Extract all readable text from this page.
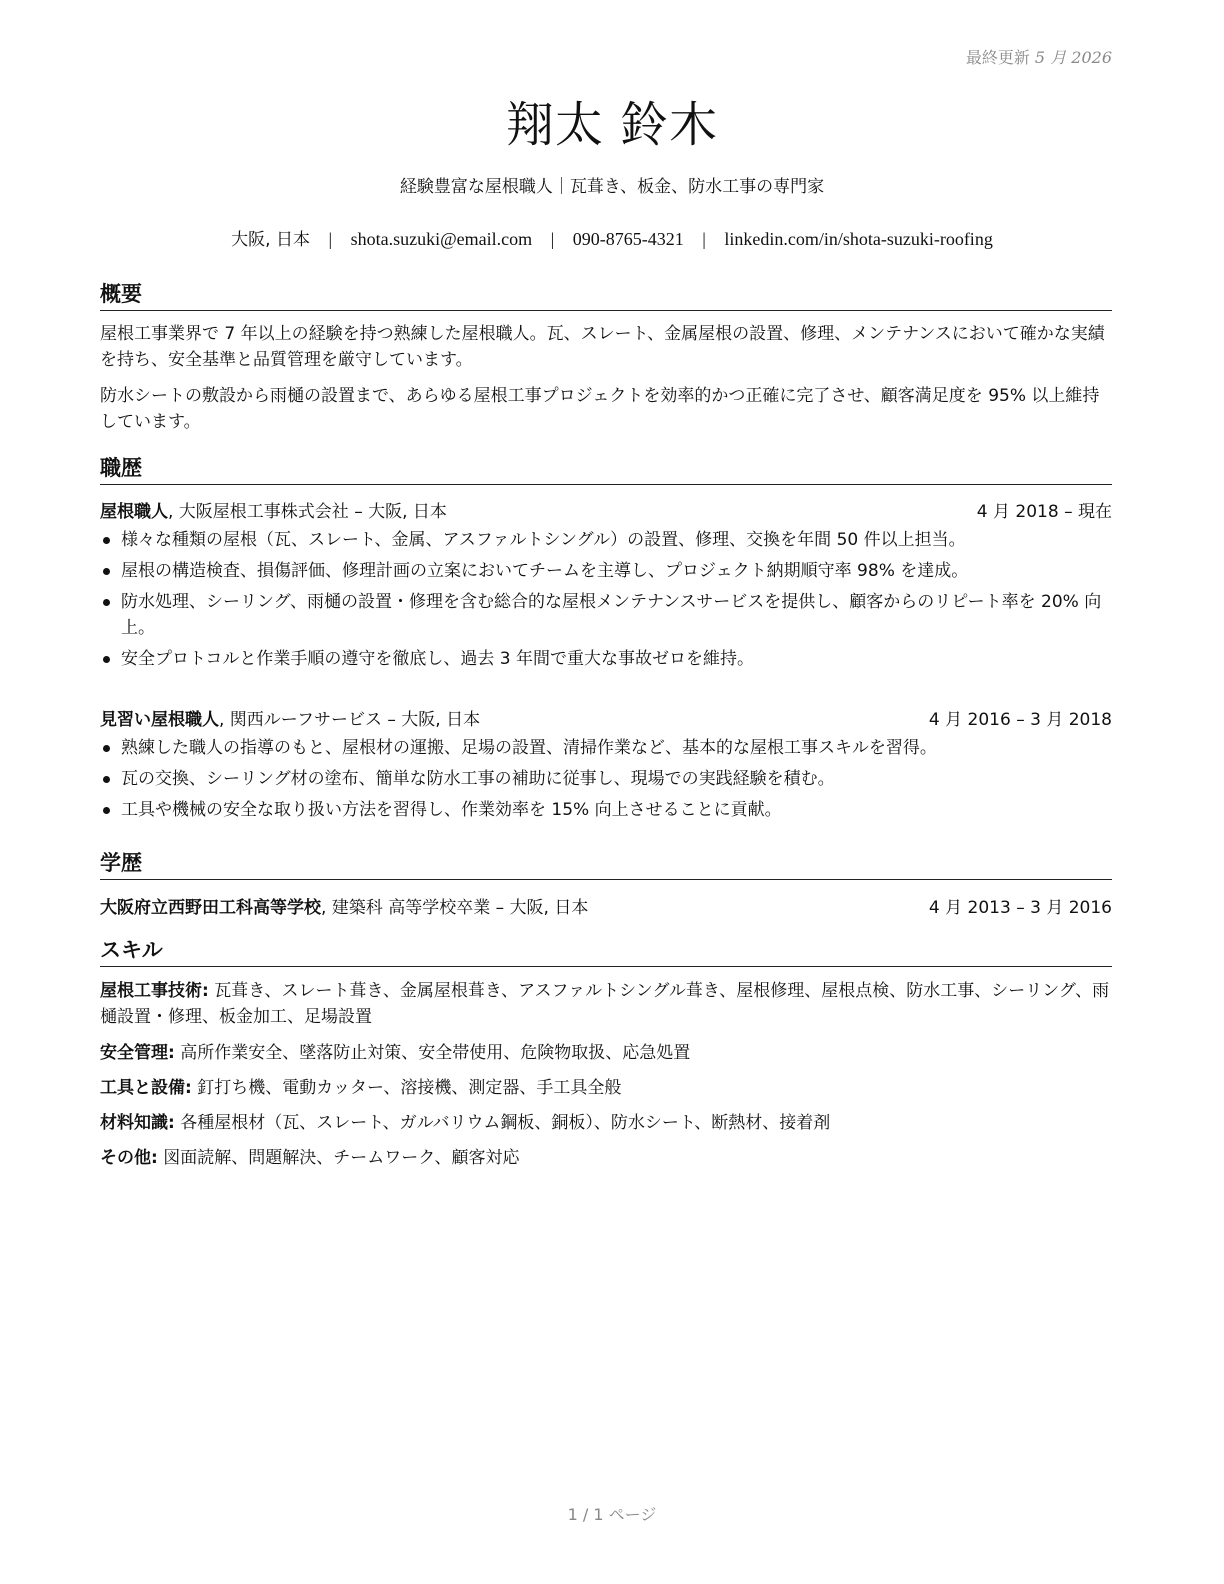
最終更新 5 月 2026
翔太 鈴木
経験豊富な屋根職人｜瓦葺き、板金、防水工事の専門家
大阪, 日本 | shota.suzuki@email.com | 090-8765-4321 | linkedin.com/in/shota-suzuki-roofing
概要
屋根工事業界で 7 年以上の経験を持つ熟練した屋根職人。瓦、スレート、金属屋根の設置、修理、メンテナンスにおいて確かな実績を持ち、安全基準と品質管理を厳守しています。
防水シートの敷設から雨樋の設置まで、あらゆる屋根工事プロジェクトを効率的かつ正確に完了させ、顧客満足度を 95% 以上維持しています。
職歴
屋根職人, 大阪屋根工事株式会社 – 大阪, 日本	4 月 2018 – 現在
様々な種類の屋根（瓦、スレート、金属、アスファルトシングル）の設置、修理、交換を年間 50 件以上担当。
屋根の構造検査、損傷評価、修理計画の立案においてチームを主導し、プロジェクト納期順守率 98% を達成。
防水処理、シーリング、雨樋の設置・修理を含む総合的な屋根メンテナンスサービスを提供し、顧客からのリピート率を 20% 向上。
安全プロトコルと作業手順の遵守を徹底し、過去 3 年間で重大な事故ゼロを維持。
見習い屋根職人, 関西ルーフサービス – 大阪, 日本	4 月 2016 – 3 月 2018
熟練した職人の指導のもと、屋根材の運搬、足場の設置、清掃作業など、基本的な屋根工事スキルを習得。
瓦の交換、シーリング材の塗布、簡単な防水工事の補助に従事し、現場での実践経験を積む。
工具や機械の安全な取り扱い方法を習得し、作業効率を 15% 向上させることに貢献。
学歴
大阪府立西野田工科高等学校, 建築科 高等学校卒業 – 大阪, 日本	4 月 2013 – 3 月 2016
スキル
屋根工事技術: 瓦葺き、スレート葺き、金属屋根葺き、アスファルトシングル葺き、屋根修理、屋根点検、防水工事、シーリング、雨樋設置・修理、板金加工、足場設置
安全管理: 高所作業安全、墜落防止対策、安全帯使用、危険物取扱、応急処置
工具と設備: 釘打ち機、電動カッター、溶接機、測定器、手工具全般
材料知識: 各種屋根材（瓦、スレート、ガルバリウム鋼板、銅板）、防水シート、断熱材、接着剤
その他: 図面読解、問題解決、チームワーク、顧客対応
1 / 1 ページ
